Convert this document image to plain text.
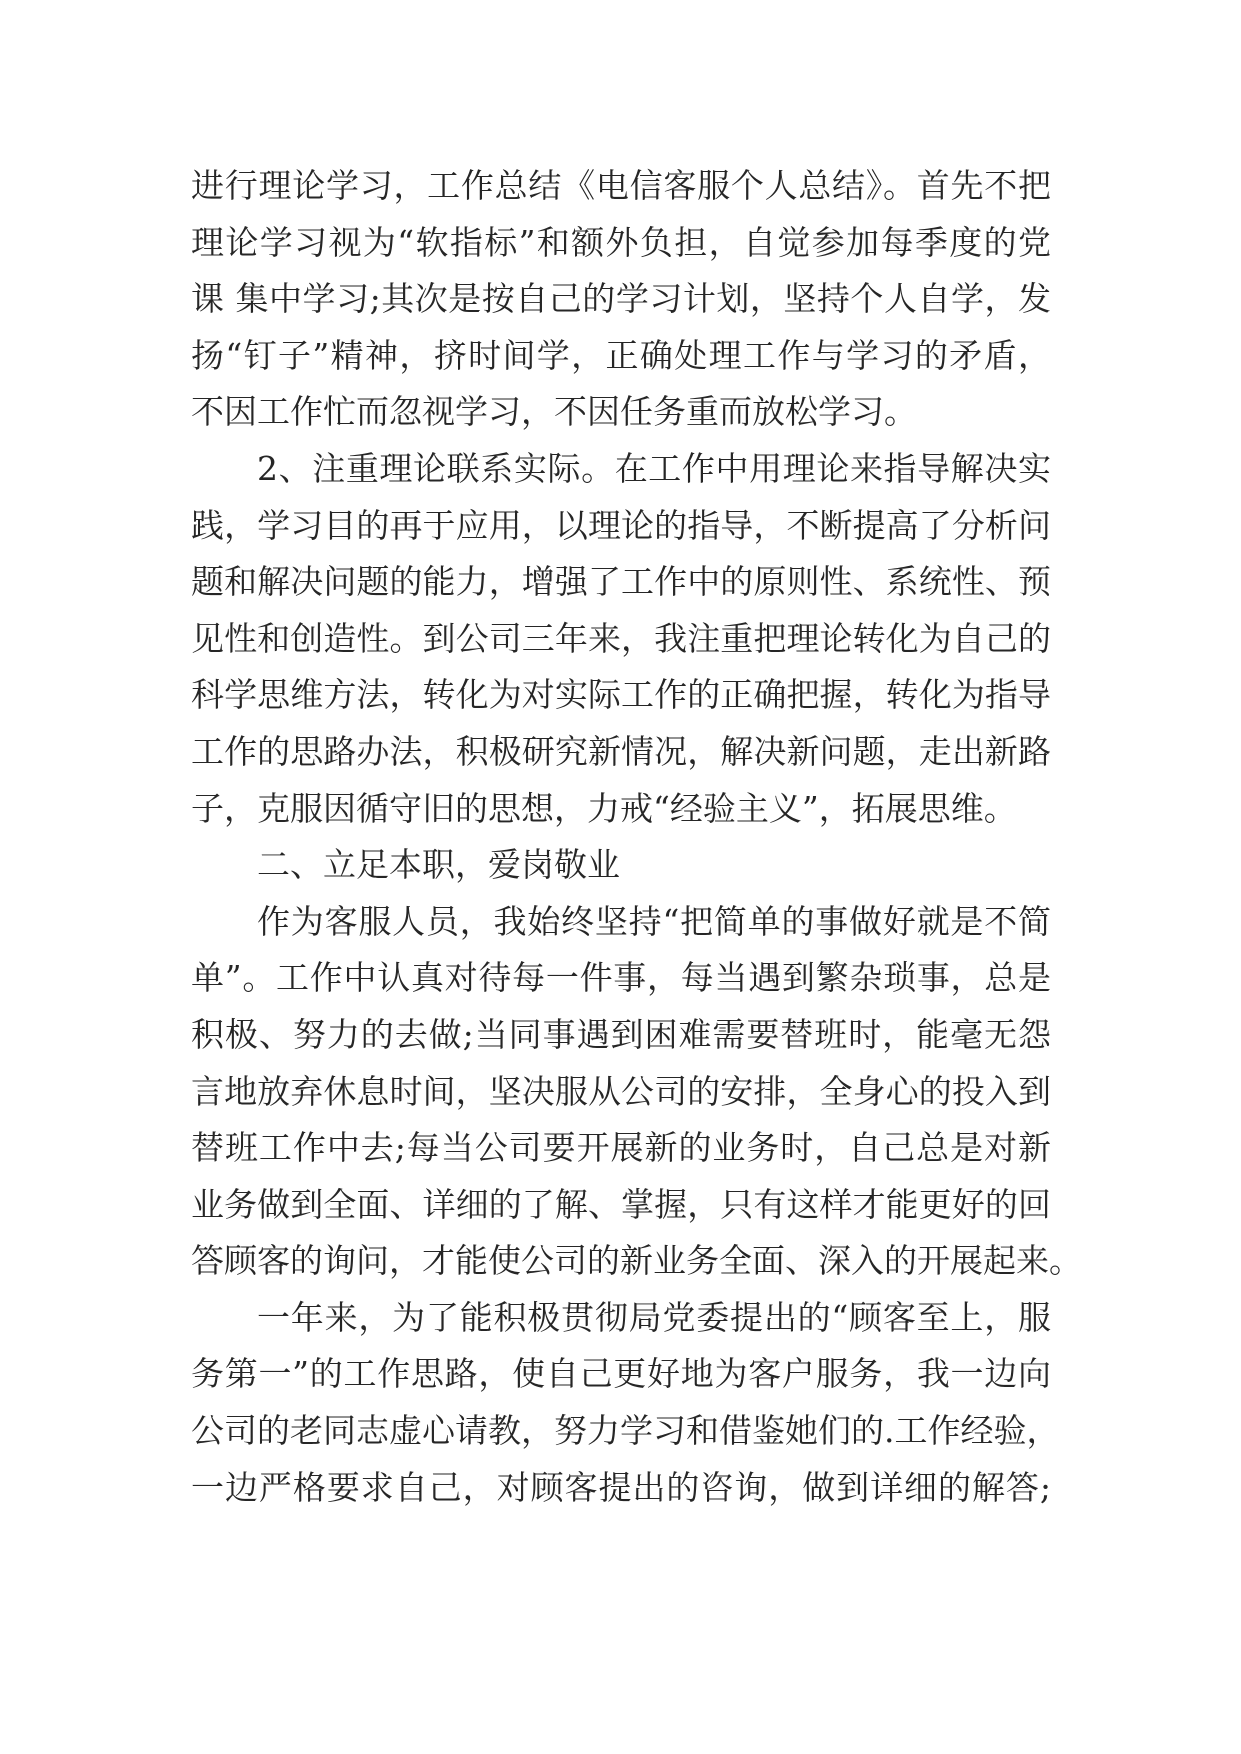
进行理论学习，工作总结《电信客服个人总结》。首先不把
理论学习视为“软指标”和额外负担，自觉参加每季度的党
课 集中学习;其次是按自己的学习计划，坚持个人自学，发
扬“钉子”精神，挤时间学，正确处理工作与学习的矛盾，
不因工作忙而忽视学习，不因任务重而放松学习。
2、注重理论联系实际。在工作中用理论来指导解决实
践，学习目的再于应用，以理论的指导，不断提高了分析问
题和解决问题的能力，增强了工作中的原则性、系统性、预
见性和创造性。到公司三年来，我注重把理论转化为自己的
科学思维方法，转化为对实际工作的正确把握，转化为指导
工作的思路办法，积极研究新情况，解决新问题，走出新路
子，克服因循守旧的思想，力戒“经验主义”，拓展思维。
二、立足本职，爱岗敬业
作为客服人员，我始终坚持“把简单的事做好就是不简
单”。工作中认真对待每一件事，每当遇到繁杂琐事，总是
积极、努力的去做;当同事遇到困难需要替班时，能毫无怨
言地放弃休息时间，坚决服从公司的安排，全身心的投入到
替班工作中去;每当公司要开展新的业务时，自己总是对新
业务做到全面、详细的了解、掌握，只有这样才能更好的回
答顾客的询问，才能使公司的新业务全面、深入的开展起来。
一年来，为了能积极贯彻局党委提出的“顾客至上，服
务第一”的工作思路，使自己更好地为客户服务，我一边向
公司的老同志虚心请教，努力学习和借鉴她们的.工作经验，
一边严格要求自己，对顾客提出的咨询，做到详细的解答;
